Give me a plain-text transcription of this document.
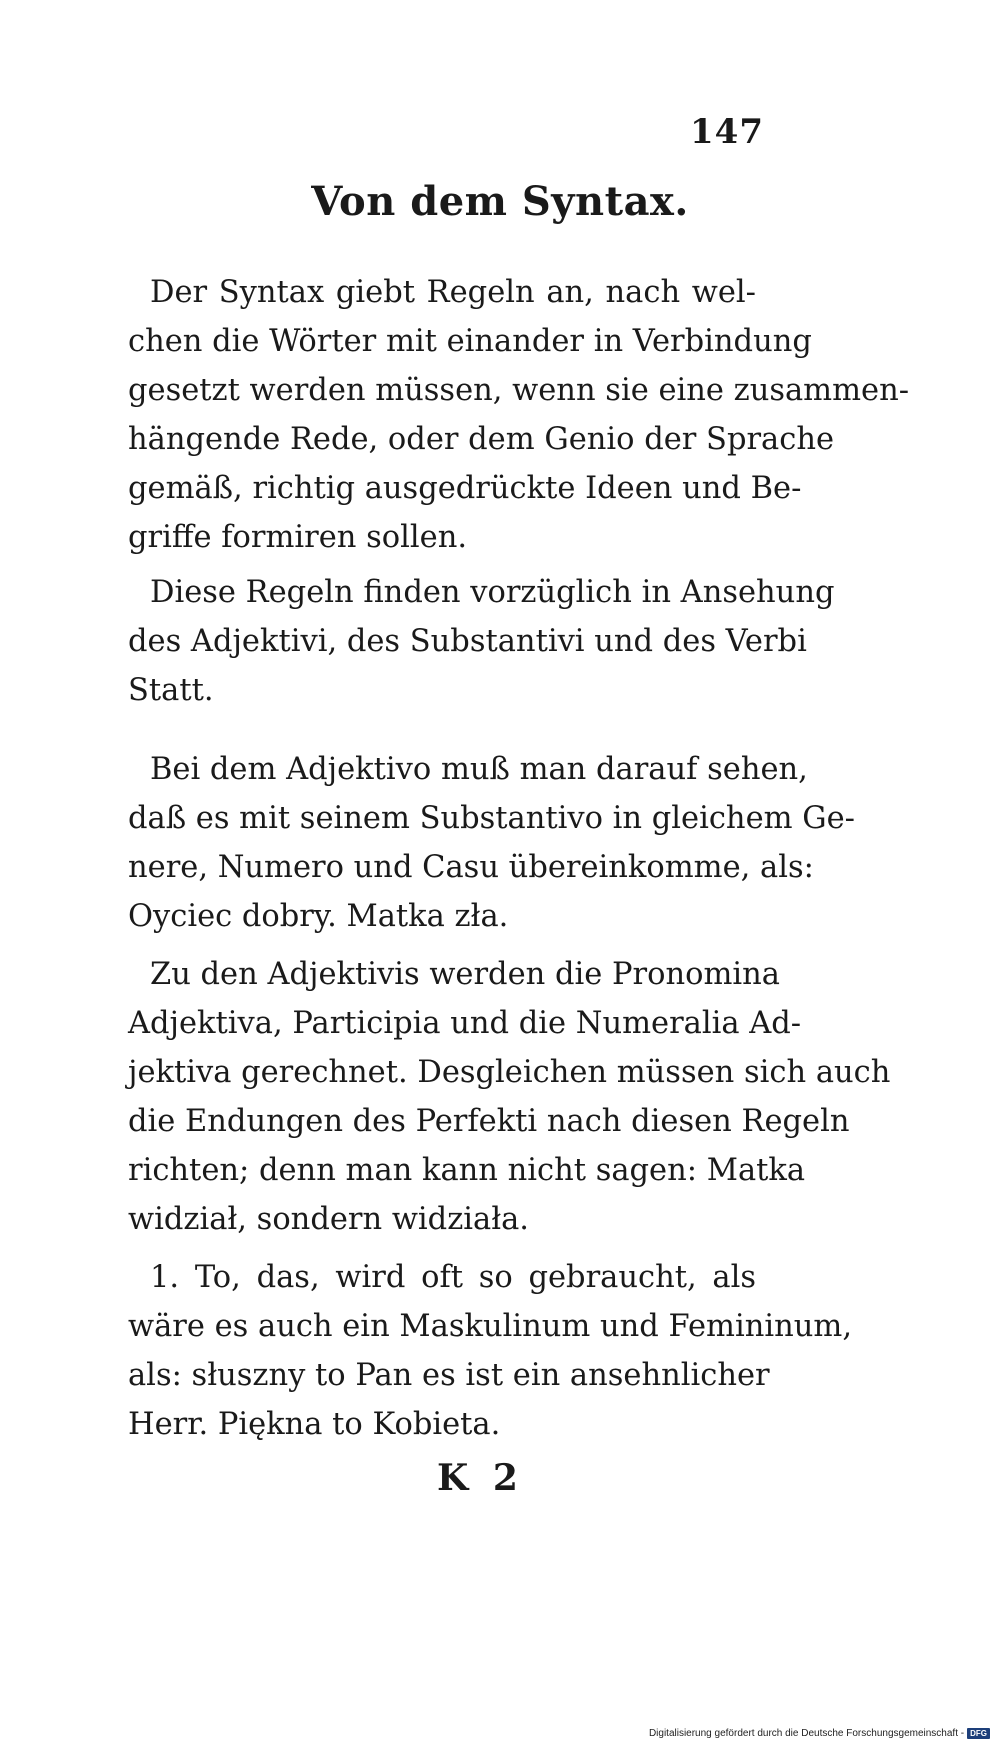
147
Von dem Syntax.
Der Syntax giebt Regeln an, nach wel-
chen die Wörter mit einander in Verbindung
gesetzt werden müssen, wenn sie eine zusammen-
hängende Rede, oder dem Genio der Sprache
gemäß, richtig ausgedrückte Ideen und Be-
griffe formiren sollen.
Diese Regeln finden vorzüglich in Ansehung
des Adjektivi, des Substantivi und des Verbi
Statt.
Bei dem Adjektivo muß man darauf sehen,
daß es mit seinem Substantivo in gleichem Ge-
nere, Numero und Casu übereinkomme, als:
Oyciec dobry. Matka zła.
Zu den Adjektivis werden die Pronomina
Adjektiva, Participia und die Numeralia Ad-
jektiva gerechnet. Desgleichen müssen sich auch
die Endungen des Perfekti nach diesen Regeln
richten; denn man kann nicht sagen: Matka
widział, sondern widziała.
1. To, das, wird oft so gebraucht, als
wäre es auch ein Maskulinum und Femininum,
als: słuszny to Pan es ist ein ansehnlicher
Herr. Piękna to Kobieta.
K 2
Digitalisierung gefördert durch die Deutsche Forschungsgemeinschaft - DFG
